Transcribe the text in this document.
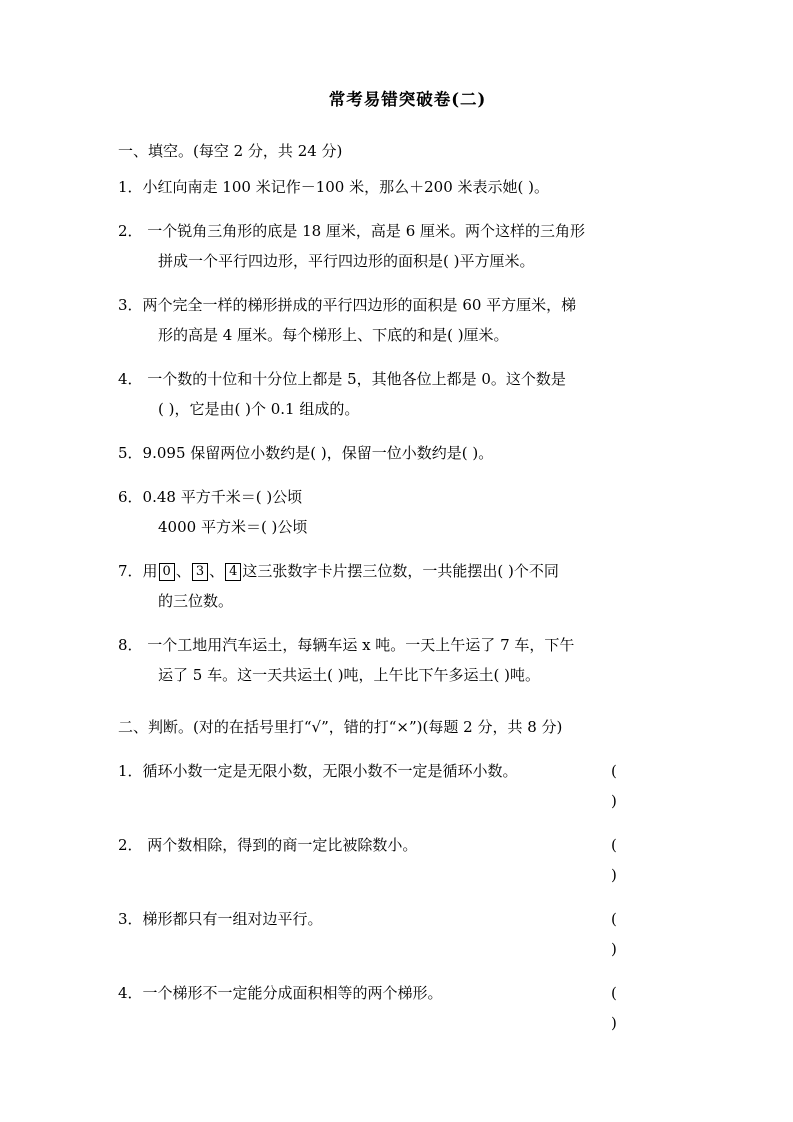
常考易错突破卷(二)
一、填空。(每空 2 分，共 24 分)
1．小红向南走 100 米记作－100 米，那么＋200 米表示她( )。
2． 一个锐角三角形的底是 18 厘米，高是 6 厘米。两个这样的三角形
拼成一个平行四边形，平行四边形的面积是( )平方厘米。
3．两个完全一样的梯形拼成的平行四边形的面积是 60 平方厘米，梯
形的高是 4 厘米。每个梯形上、下底的和是( )厘米。
4． 一个数的十位和十分位上都是 5，其他各位上都是 0。这个数是
( )，它是由( )个 0.1 组成的。
5．9.095 保留两位小数约是( )，保留一位小数约是( )。
6．0.48 平方千米＝( )公顷
4000 平方米＝( )公顷
7．用 0 、 3 、 4 这三张数字卡片摆三位数，一共能摆出( )个不同
的三位数。
8． 一个工地用汽车运土，每辆车运 x 吨。一天上午运了 7 车，下午
运了 5 车。这一天共运土( )吨，上午比下午多运土( )吨。
二、判断。(对的在括号里打“√”，错的打“×”)(每题 2 分，共 8 分)
1．循环小数一定是无限小数，无限小数不一定是循环小数。	( )
2． 两个数相除，得到的商一定比被除数小。	( )
3．梯形都只有一组对边平行。	( )
4．一个梯形不一定能分成面积相等的两个梯形。	( )
